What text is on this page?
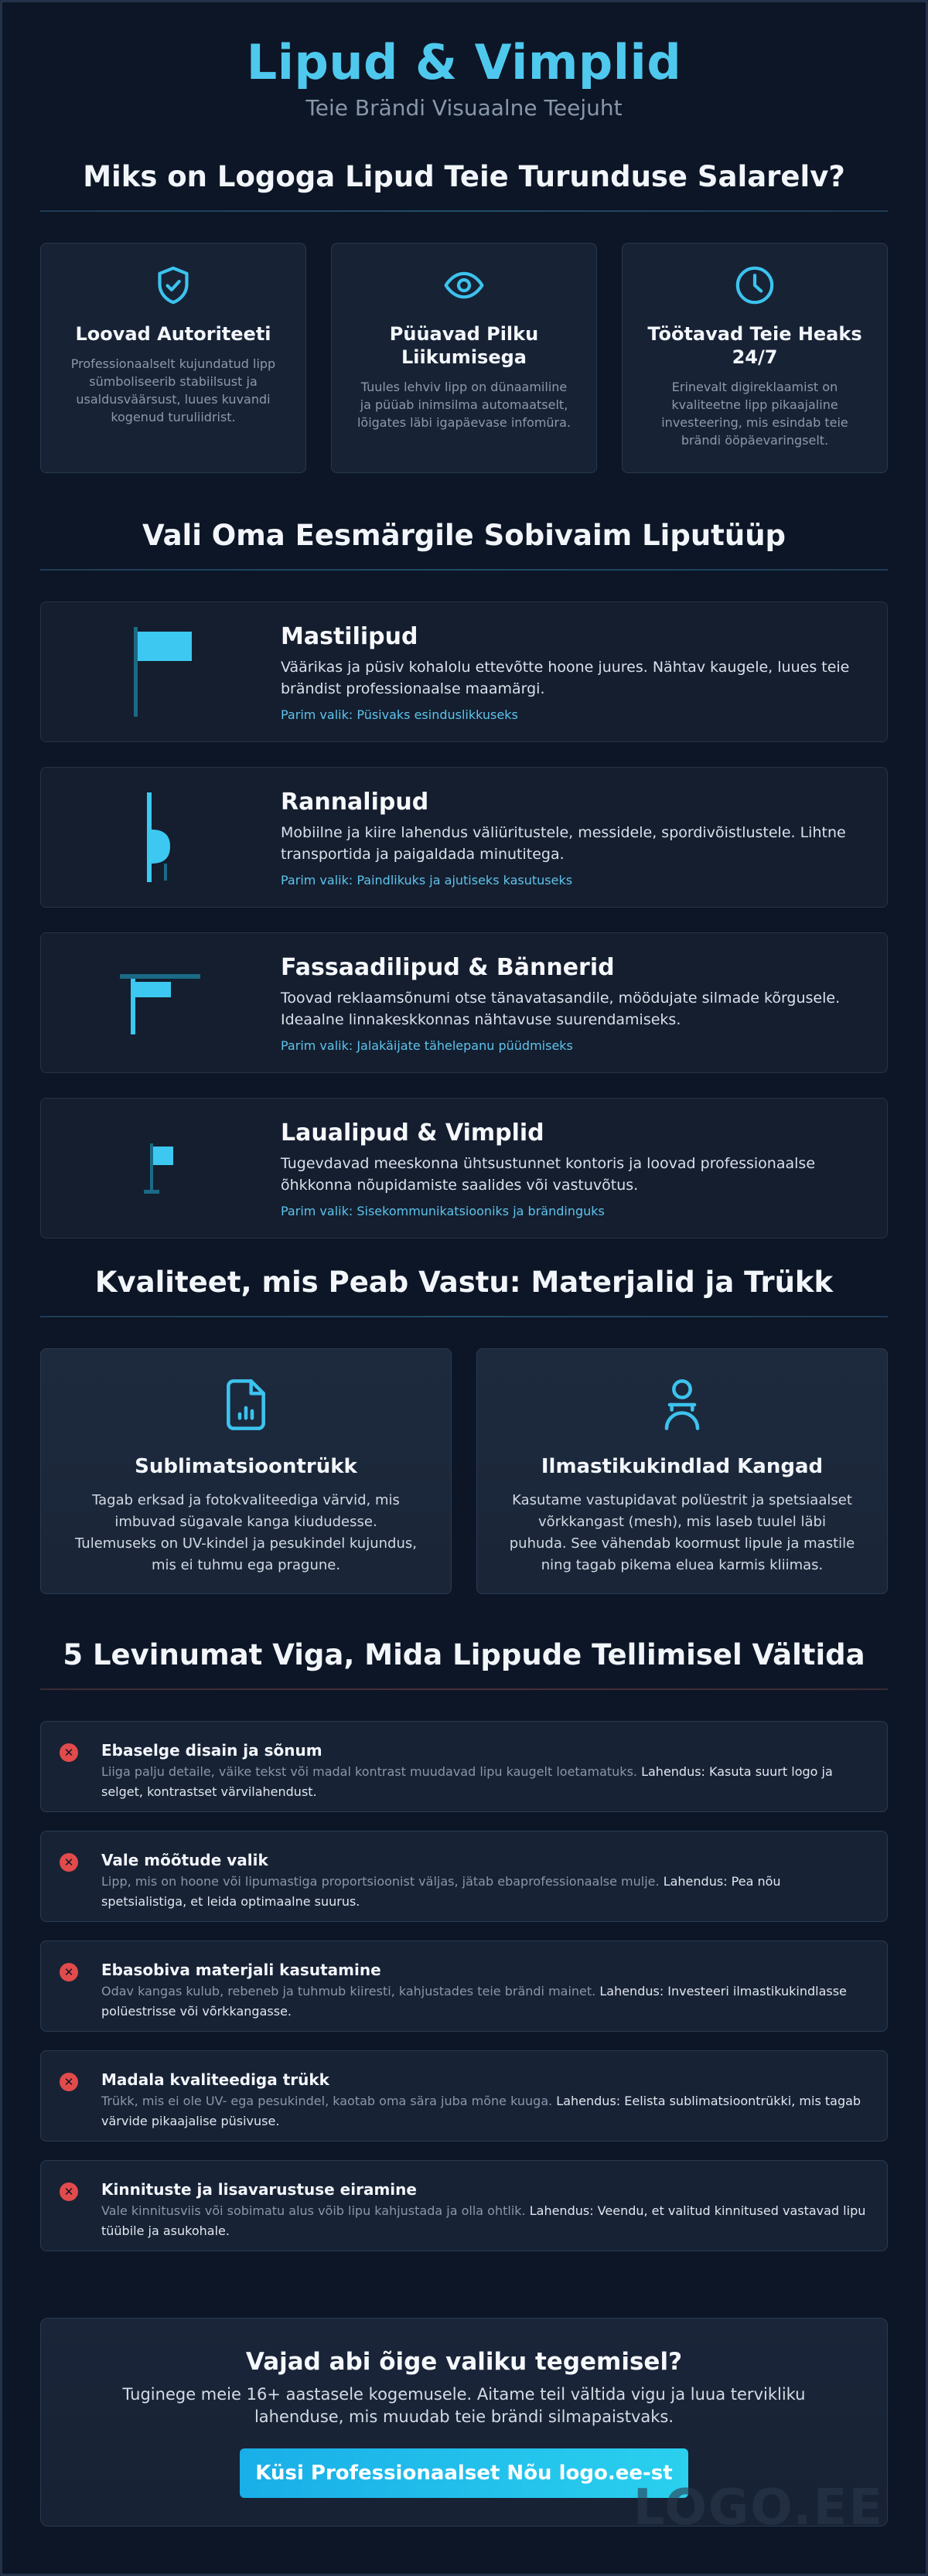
Lipud & Vimplid
Teie Brändi Visuaalne Teejuht
Miks on Logoga Lipud Teie Turunduse Salarelv?
Loovad Autoriteeti

Professionaalselt kujundatud lipp sümboliseerib stabiilsust ja usaldusväärsust, luues kuvandi kogenud turuliidrist.

Püüavad Pilku Liikumisega

Tuules lehviv lipp on dünaamiline ja püüab inimsilma automaatselt, lõigates läbi igapäevase infomüra.

Töötavad Teie Heaks 24/7

Erinevalt digireklaamist on kvaliteetne lipp pikaajaline investeering, mis esindab teie brändi ööpäevaringselt.

Vali Oma Eesmärgile Sobivaim Liputüüp
Mastilipud
Väärikas ja püsiv kohalolu ettevõtte hoone juures. Nähtav kaugele, luues teie brändist professionaalse maamärgi.
Parim valik: Püsivaks esinduslikkuseks
Rannalipud
Mobiilne ja kiire lahendus väliüritustele, messidele, spordivõistlustele. Lihtne transportida ja paigaldada minutitega.
Parim valik: Paindlikuks ja ajutiseks kasutuseks
Fassaadilipud & Bännerid
Toovad reklaamsõnumi otse tänavatasandile, möödujate silmade kõrgusele. Ideaalne linnakeskkonnas nähtavuse suurendamiseks.
Parim valik: Jalakäijate tähelepanu püüdmiseks
Laualipud & Vimplid
Tugevdavad meeskonna ühtsustunnet kontoris ja loovad professionaalse õhkkonna nõupidamiste saalides või vastuvõtus.
Parim valik: Sisekommunikatsiooniks ja brändinguks
Kvaliteet, mis Peab Vastu: Materjalid ja Trükk
Sublimatsioontrükk

Tagab erksad ja fotokvaliteediga värvid, mis imbuvad sügavale kanga kiududesse. Tulemuseks on UV-kindel ja pesukindel kujundus, mis ei tuhmu ega pragune.

Ilmastikukindlad Kangad

Kasutame vastupidavat polüestrit ja spetsiaalset võrkkangast (mesh), mis laseb tuulel läbi puhuda. See vähendab koormust lipule ja mastile ning tagab pikema eluea karmis kliimas.

5 Levinumat Viga, Mida Lippude Tellimisel Vältida
✕	Ebaselge disain ja sõnum
Liiga palju detaile, väike tekst või madal kontrast muudavad lipu kaugelt loetamatuks. Lahendus: Kasuta suurt logo ja selget, kontrastset värvilahendust.
✕	Vale mõõtude valik
Lipp, mis on hoone või lipumastiga proportsioonist väljas, jätab ebaprofessionaalse mulje. Lahendus: Pea nõu spetsialistiga, et leida optimaalne suurus.
✕	Ebasobiva materjali kasutamine
Odav kangas kulub, rebeneb ja tuhmub kiiresti, kahjustades teie brändi mainet. Lahendus: Investeeri ilmastikukindlasse polüestrisse või võrkkangasse.
✕	Madala kvaliteediga trükk
Trükk, mis ei ole UV- ega pesukindel, kaotab oma sära juba mõne kuuga. Lahendus: Eelista sublimatsioontrükki, mis tagab värvide pikaajalise püsivuse.
✕	Kinnituste ja lisavarustuse eiramine
Vale kinnitusviis või sobimatu alus võib lipu kahjustada ja olla ohtlik. Lahendus: Veendu, et valitud kinnitused vastavad lipu tüübile ja asukohale.
Vajad abi õige valiku tegemisel?

Tuginege meie 16+ aastasele kogemusele. Aitame teil vältida vigu ja luua tervikliku lahenduse, mis muudab teie brändi silmapaistvaks.

Küsi Professionaalset Nõu logo.ee-st
LOGO.EE
